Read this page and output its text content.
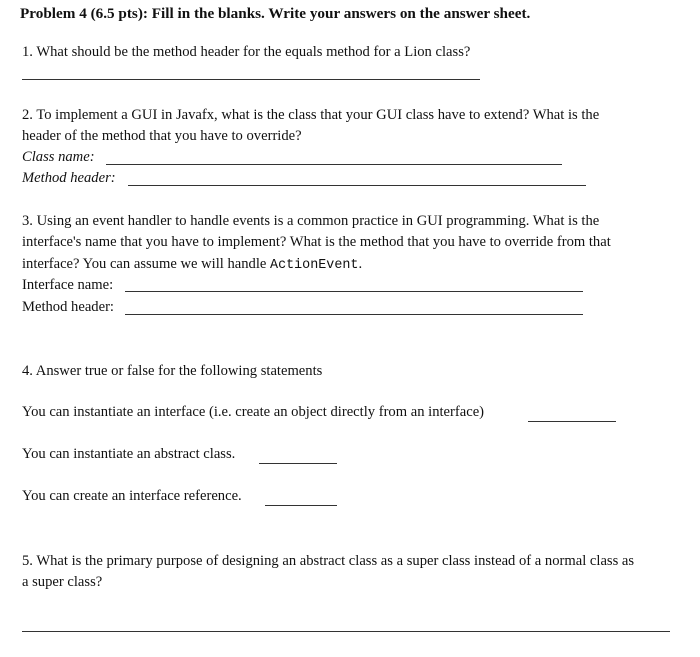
Problem 4 (6.5 pts): Fill in the blanks. Write your answers on the answer sheet.
1. What should be the method header for the equals method for a Lion class?
2. To implement a GUI in Javafx, what is the class that your GUI class have to extend? What is the
header of the method that you have to override?
Class name:
Method header:
3. Using an event handler to handle events is a common practice in GUI programming. What is the
interface's name that you have to implement? What is the method that you have to override from that
interface? You can assume we will handle ActionEvent.
Interface name:
Method header:
4. Answer true or false for the following statements
You can instantiate an interface (i.e. create an object directly from an interface)
You can instantiate an abstract class.
You can create an interface reference.
5. What is the primary purpose of designing an abstract class as a super class instead of a normal class as
a super class?
